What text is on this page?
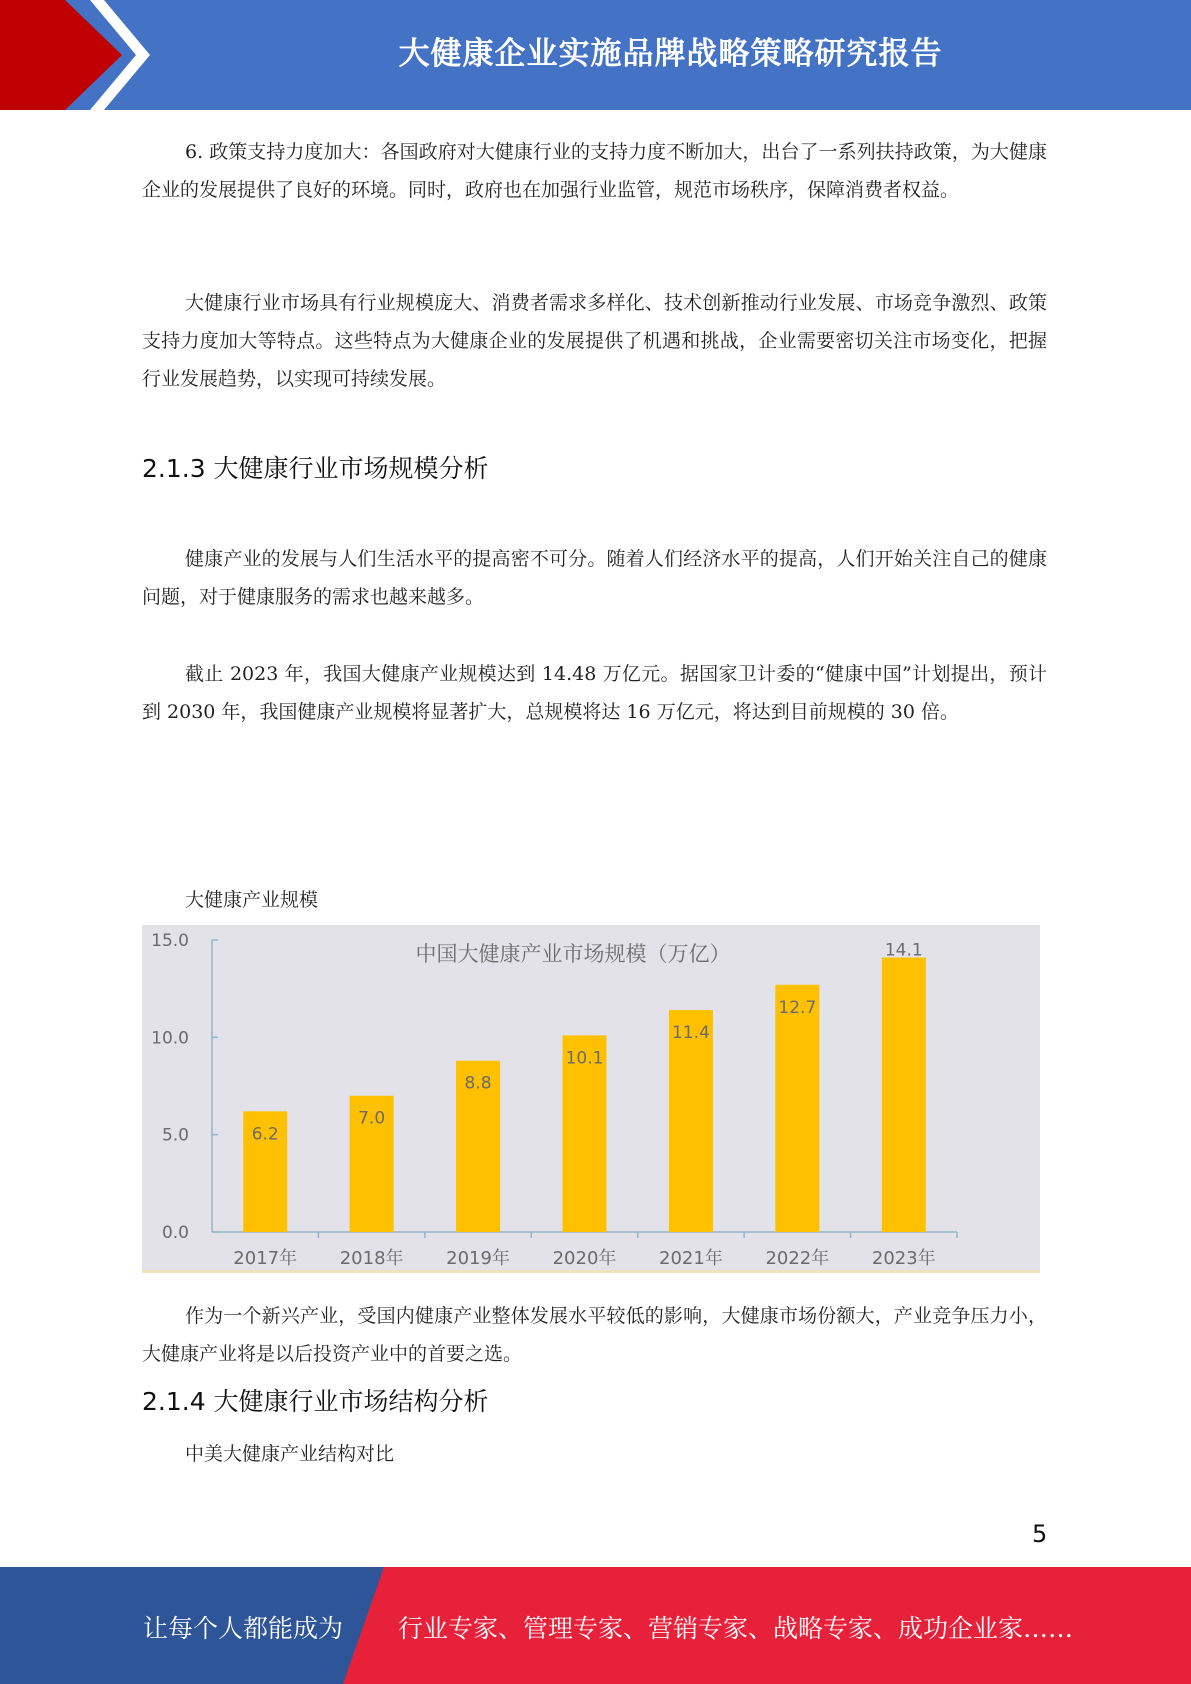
大健康企业实施品牌战略策略研究报告

6. 政策支持力度加大：各国政府对大健康行业的支持力度不断加大，出台了一系列扶持政策，为大健康企业的发展提供了良好的环境。同时，政府也在加强行业监管，规范市场秩序，保障消费者权益。

大健康行业市场具有行业规模庞大、消费者需求多样化、技术创新推动行业发展、市场竞争激烈、政策支持力度加大等特点。这些特点为大健康企业的发展提供了机遇和挑战，企业需要密切关注市场变化，把握行业发展趋势，以实现可持续发展。

2.1.3 大健康行业市场规模分析

健康产业的发展与人们生活水平的提高密不可分。随着人们经济水平的提高，人们开始关注自己的健康问题，对于健康服务的需求也越来越多。

截止 2023 年，我国大健康产业规模达到 14.48 万亿元。据国家卫计委的“健康中国”计划提出，预计到 2030 年，我国健康产业规模将显著扩大，总规模将达 16 万亿元，将达到目前规模的 30 倍。

大健康产业规模
中国大健康产业市场规模（万亿）
0.0
5.0
10.0
15.0
2017年 2018年 2019年 2020年 2021年 2022年 2023年
6.2
7.0
8.8
10.1
11.4
12.7
14.1

作为一个新兴产业，受国内健康产业整体发展水平较低的影响，大健康市场份额大，产业竞争压力小，大健康产业将是以后投资产业中的首要之选。

2.1.4 大健康行业市场结构分析
中美大健康产业结构对比
5
让每个人都能成为 行业专家、管理专家、营销专家、战略专家、成功企业家……
